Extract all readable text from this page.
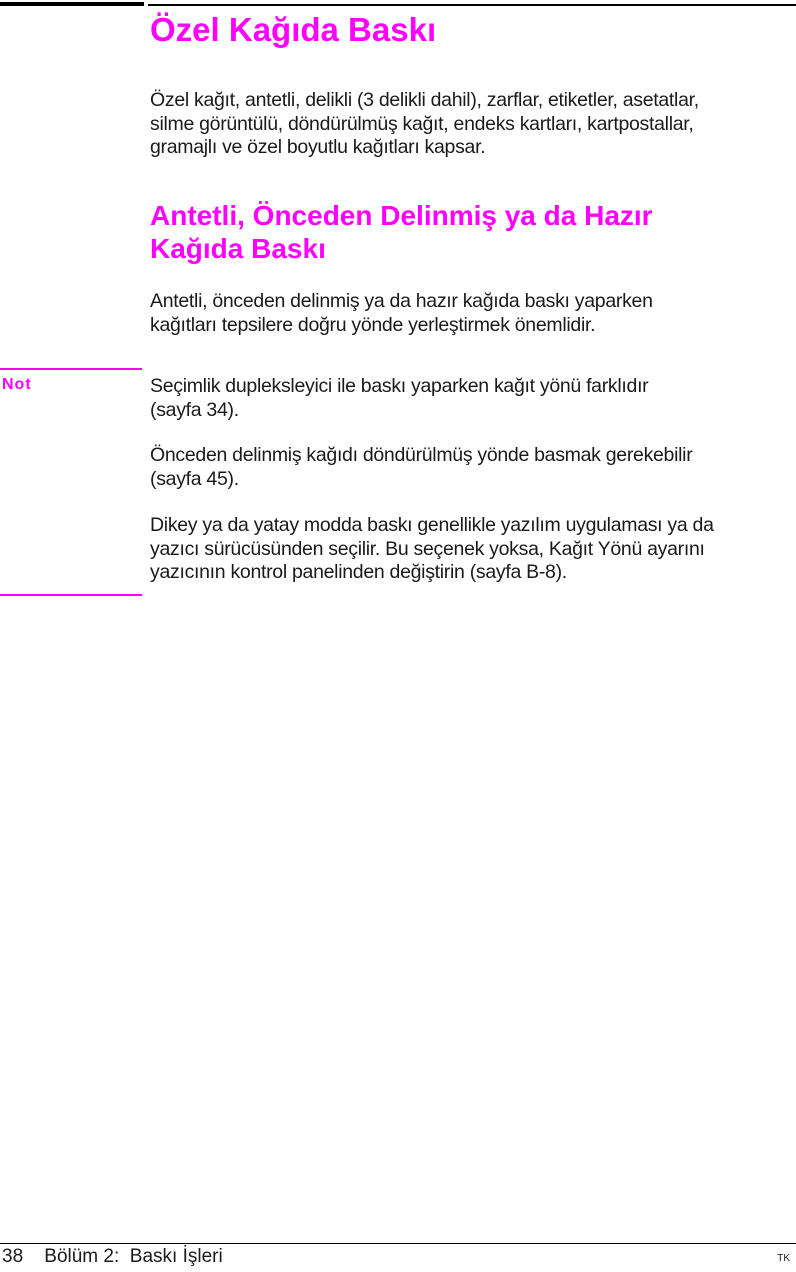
Özel Kağıda Baskı

Özel kağıt, antetli, delikli (3 delikli dahil), zarflar, etiketler, asetatlar,
silme görüntülü, döndürülmüş kağıt, endeks kartları, kartpostallar,
gramajlı ve özel boyutlu kağıtları kapsar.

Antetli, Önceden Delinmiş ya da Hazır
Kağıda Baskı

Antetli, önceden delinmiş ya da hazır kağıda baskı yaparken
kağıtları tepsilere doğru yönde yerleştirmek önemlidir.

Not	Seçimlik dupleksleyici ile baskı yaparken kağıt yönü farklıdır
(sayfa 34).

Önceden delinmiş kağıdı döndürülmüş yönde basmak gerekebilir
(sayfa 45).

Dikey ya da yatay modda baskı genellikle yazılım uygulaması ya da
yazıcı sürücüsünden seçilir. Bu seçenek yoksa, Kağıt Yönü ayarını
yazıcının kontrol panelinden değiştirin (sayfa B-8).

38 Bölüm 2:  Baskı İşleri	TK
